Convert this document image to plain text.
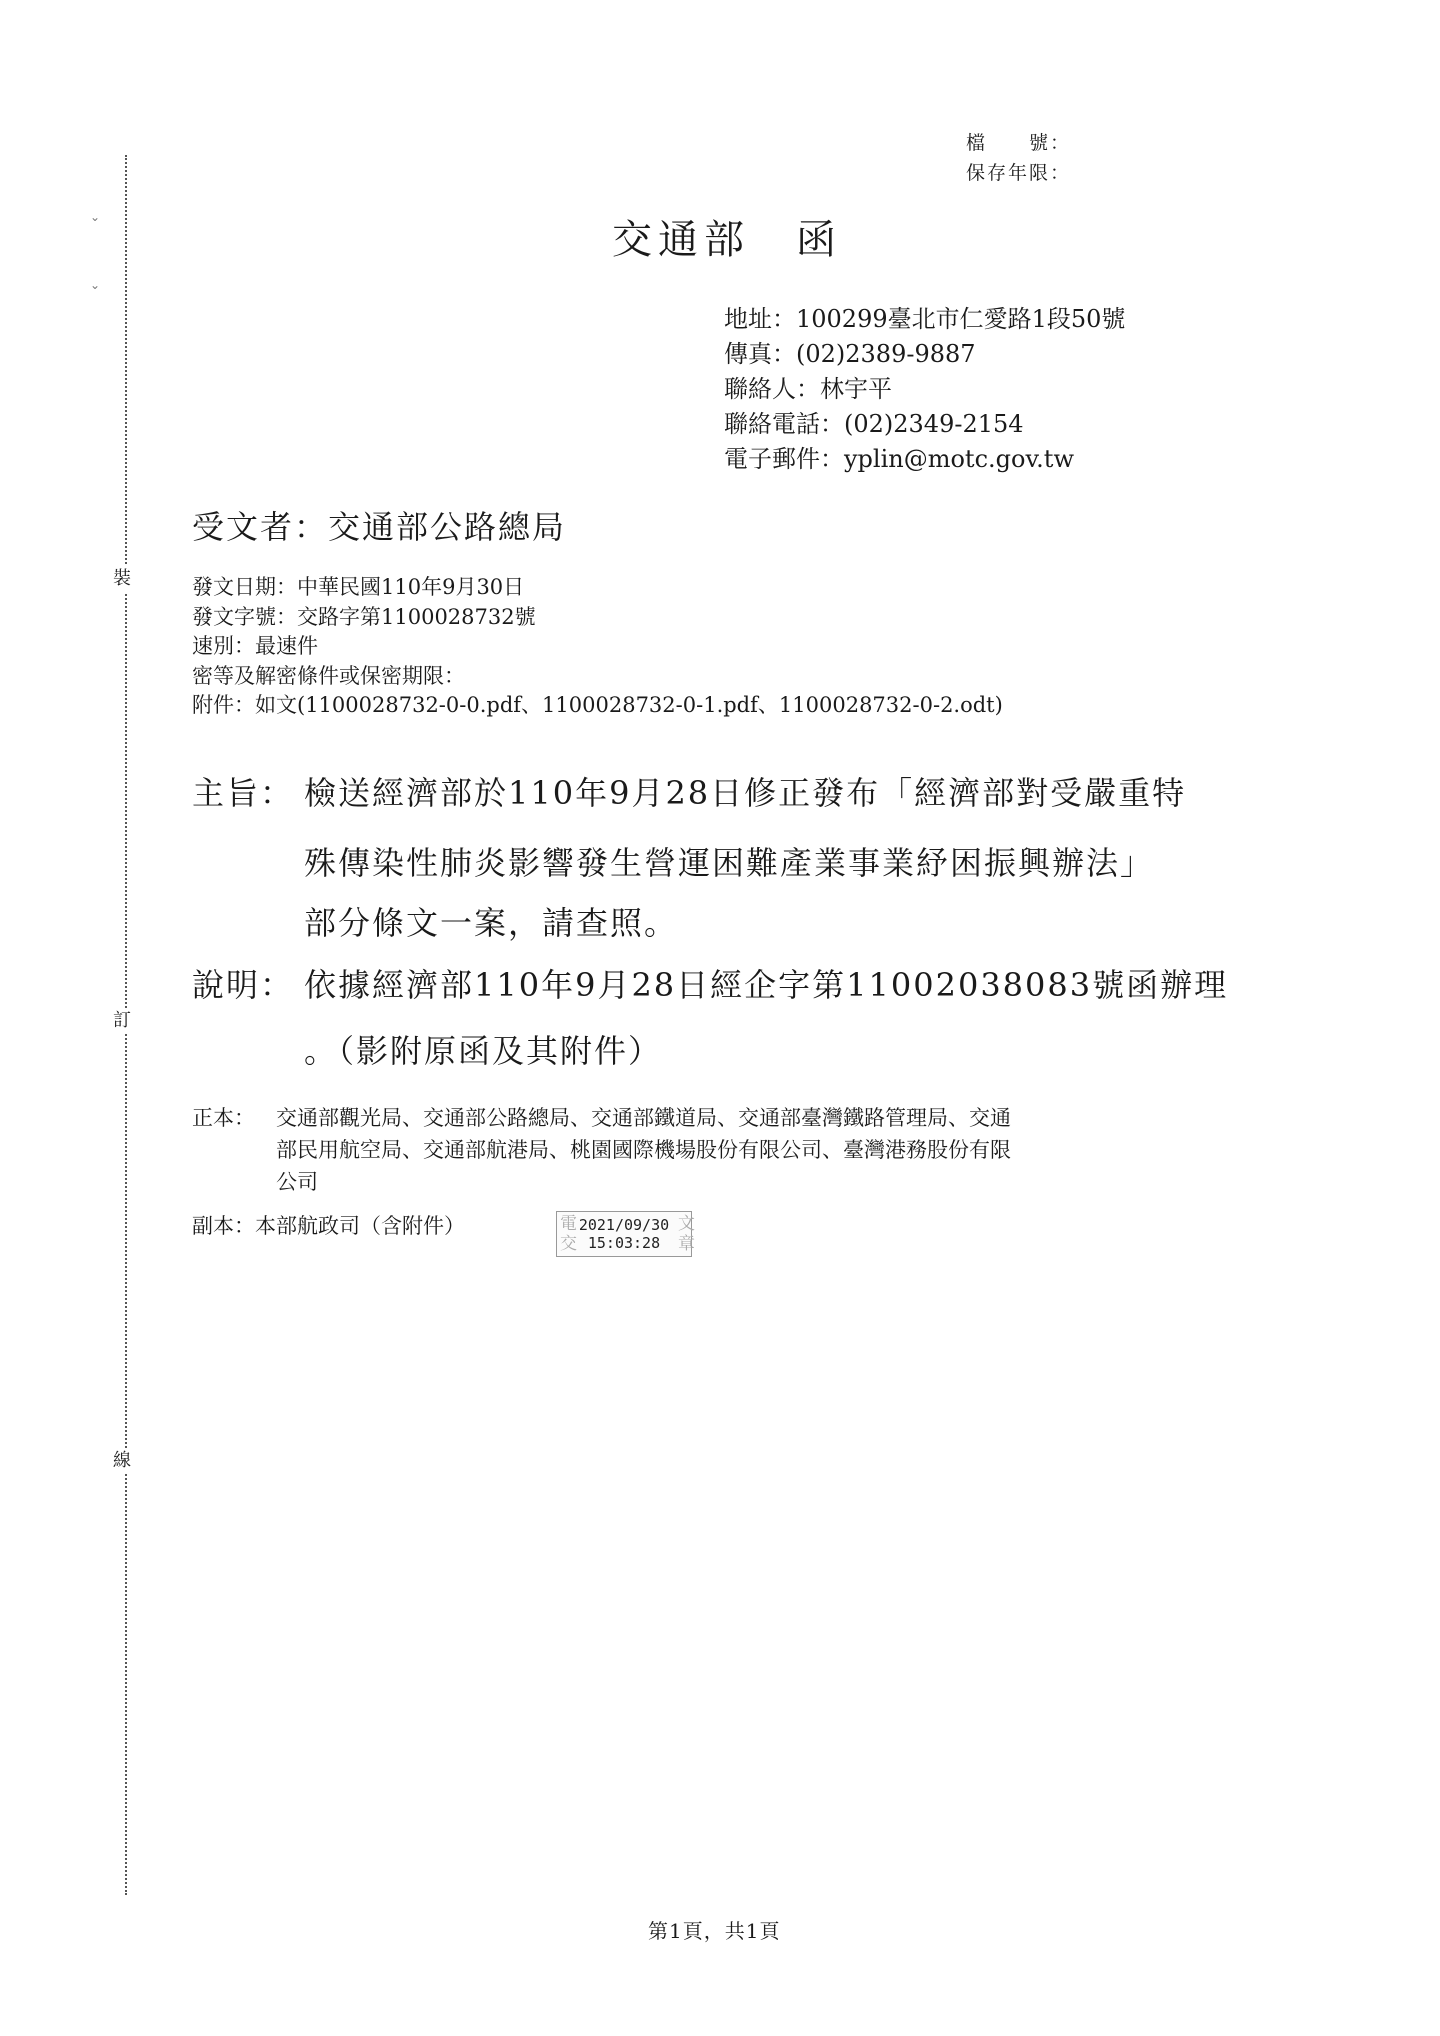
⌄
⌄
裝
訂
線
檔　　號：
保存年限：
交通部　函
地址：100299臺北市仁愛路1段50號
傳真：(02)2389-9887
聯絡人：林宇平
聯絡電話：(02)2349-2154
電子郵件：yplin@motc.gov.tw
受文者：交通部公路總局
發文日期：中華民國110年9月30日
發文字號：交路字第1100028732號
速別：最速件
密等及解密條件或保密期限：
附件：如文(1100028732-0-0.pdf、1100028732-0-1.pdf、1100028732-0-2.odt)
主旨： 檢送經濟部於110年9月28日修正發布「經濟部對受嚴重特
殊傳染性肺炎影響發生營運困難產業事業紓困振興辦法」
部分條文一案，請查照。
說明： 依據經濟部110年9月28日經企字第11002038083號函辦理
。（影附原函及其附件）
正本： 交通部觀光局、交通部公路總局、交通部鐵道局、交通部臺灣鐵路管理局、交通
部民用航空局、交通部航港局、桃園國際機場股份有限公司、臺灣港務股份有限
公司
副本：本部航政司（含附件）	電 交
2021/09/30
15:03:28
文 章
第1頁，共1頁
